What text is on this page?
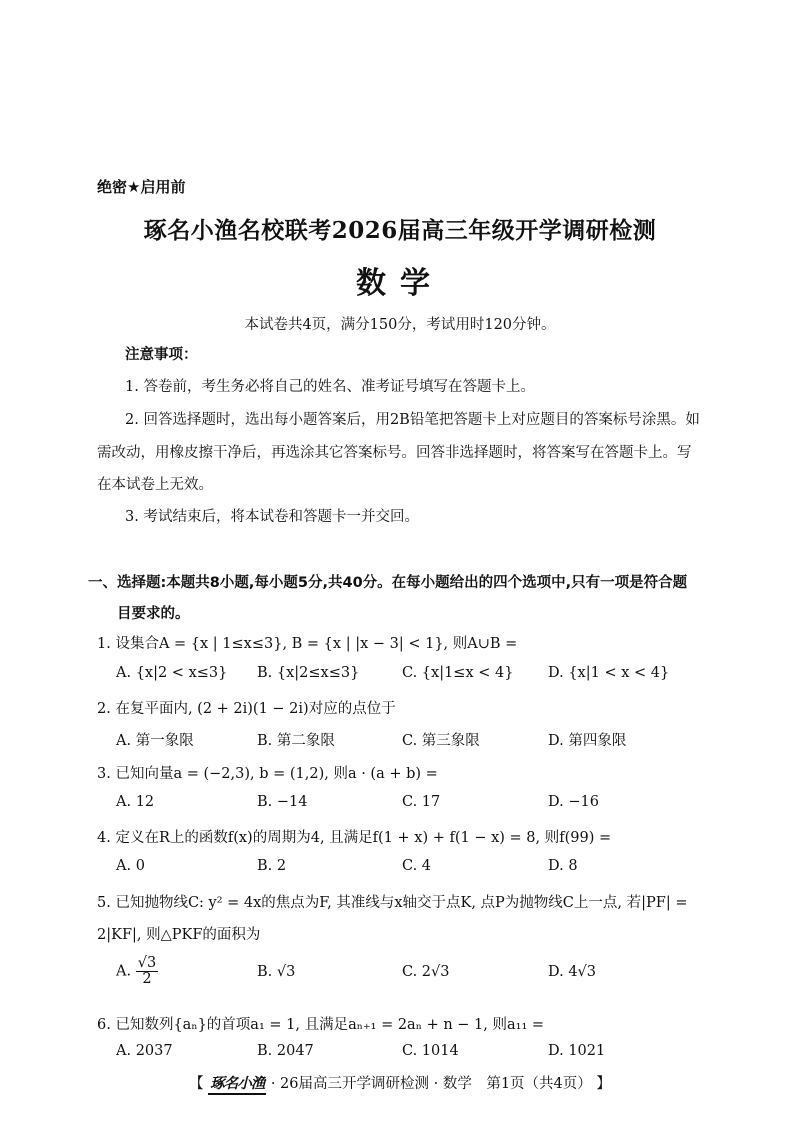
绝密★启用前
琢名小渔名校联考2026届高三年级开学调研检测
数学
本试卷共4页，满分150分，考试用时120分钟。
注意事项：
1. 答卷前，考生务必将自己的姓名、准考证号填写在答题卡上。
2. 回答选择题时，选出每小题答案后，用2B铅笔把答题卡上对应题目的答案标号涂黑。如
需改动，用橡皮擦干净后，再选涂其它答案标号。回答非选择题时，将答案写在答题卡上。写
在本试卷上无效。
3. 考试结束后，将本试卷和答题卡一并交回。
一、选择题:本题共8小题,每小题5分,共40分。在每小题给出的四个选项中,只有一项是符合题
目要求的。
1. 设集合A = {x | 1≤x≤3}, B = {x | |x − 3| < 1}, 则A∪B =
A. {x|2 < x≤3} B. {x|2≤x≤3}	C. {x|1≤x < 4} D. {x|1 < x < 4}
2. 在复平面内, (2 + 2i)(1 − 2i)对应的点位于
A. 第一象限	B. 第二象限	C. 第三象限	D. 第四象限
3. 已知向量a = (−2,3), b = (1,2), 则a · (a + b) =
A. 12	B. −14	C. 17	D. −16
4. 定义在R上的函数f(x)的周期为4, 且满足f(1 + x) + f(1 − x) = 8, 则f(99) =
A. 0	B. 2	C. 4	D. 8
5. 已知抛物线C: y² = 4x的焦点为F, 其准线与x轴交于点K, 点P为抛物线C上一点, 若|PF| =
2|KF|, 则△PKF的面积为
A. $\frac{√3}{2}$	B. √3	C. 2√3	D. 4√3
6. 已知数列{aₙ}的首项a₁ = 1, 且满足aₙ₊₁ = 2aₙ + n − 1, 则a₁₁ =
A. 2037	B. 2047	C. 1014	D. 1021
【 琢名小渔 · 26届高三开学调研检测 · 数学　第1页（共4页） 】
